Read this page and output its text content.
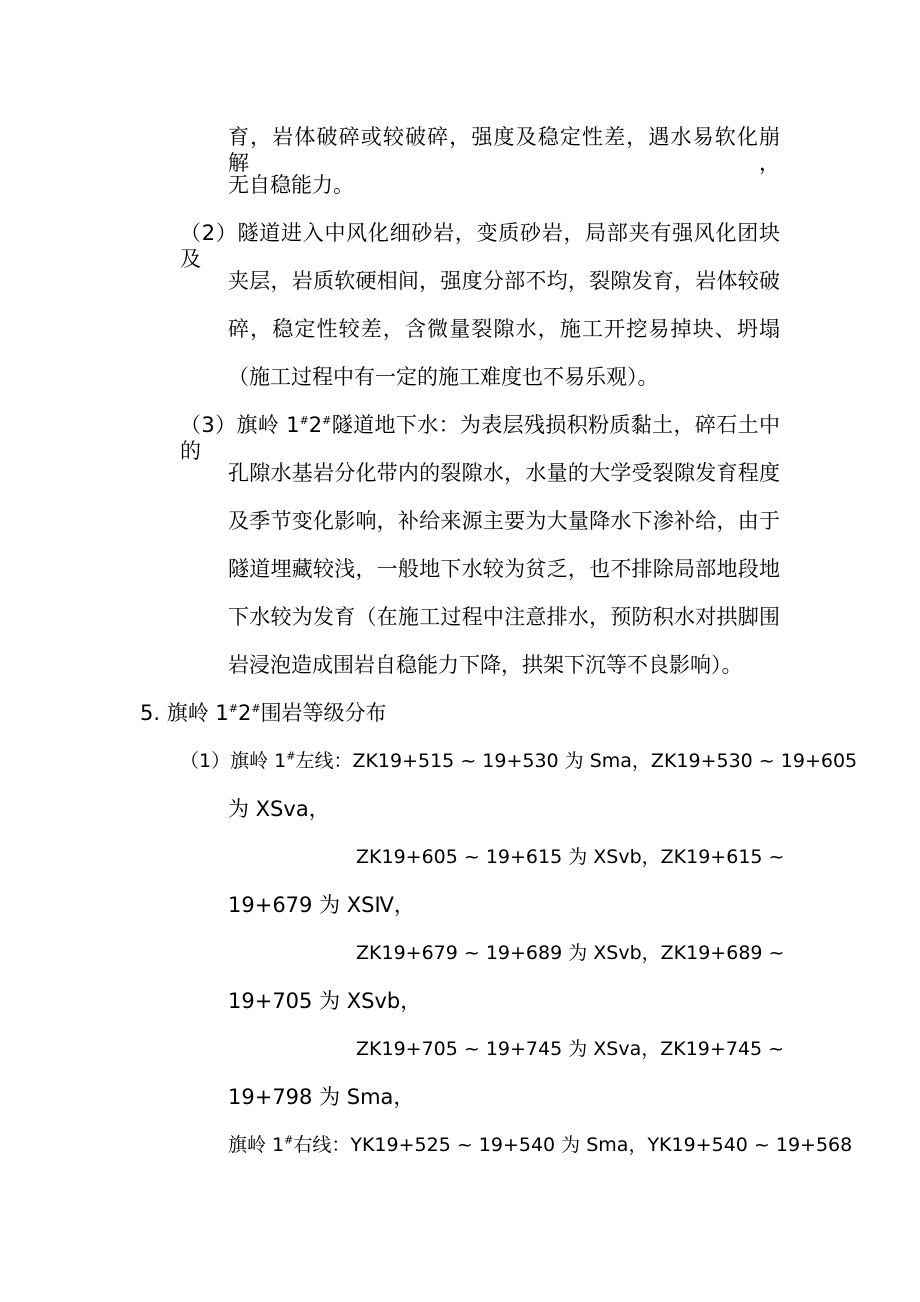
育，岩体破碎或较破碎，强度及稳定性差，遇水易软化崩解，
无自稳能力。
（2）隧道进入中风化细砂岩，变质砂岩，局部夹有强风化团块及
夹层，岩质软硬相间，强度分部不均，裂隙发育，岩体较破
碎，稳定性较差，含微量裂隙水，施工开挖易掉块、坍塌
（施工过程中有一定的施工难度也不易乐观）。
（3）旗岭 1#2#隧道地下水：为表层残损积粉质黏土，碎石土中的
孔隙水基岩分化带内的裂隙水，水量的大学受裂隙发育程度
及季节变化影响，补给来源主要为大量降水下渗补给，由于
隧道埋藏较浅，一般地下水较为贫乏，也不排除局部地段地
下水较为发育（在施工过程中注意排水，预防积水对拱脚围
岩浸泡造成围岩自稳能力下降，拱架下沉等不良影响）。
5. 旗岭 1#2#围岩等级分布
（1）旗岭 1#左线：ZK19+515 ~ 19+530 为 Sma，ZK19+530 ~ 19+605
为 XSva，
ZK19+605 ~ 19+615 为 XSvb，ZK19+615 ~
19+679 为 XSⅣ，
ZK19+679 ~ 19+689 为 XSvb，ZK19+689 ~
19+705 为 XSvb，
ZK19+705 ~ 19+745 为 XSva，ZK19+745 ~
19+798 为 Sma，
旗岭 1#右线：YK19+525 ~ 19+540 为 Sma，YK19+540 ~ 19+568
